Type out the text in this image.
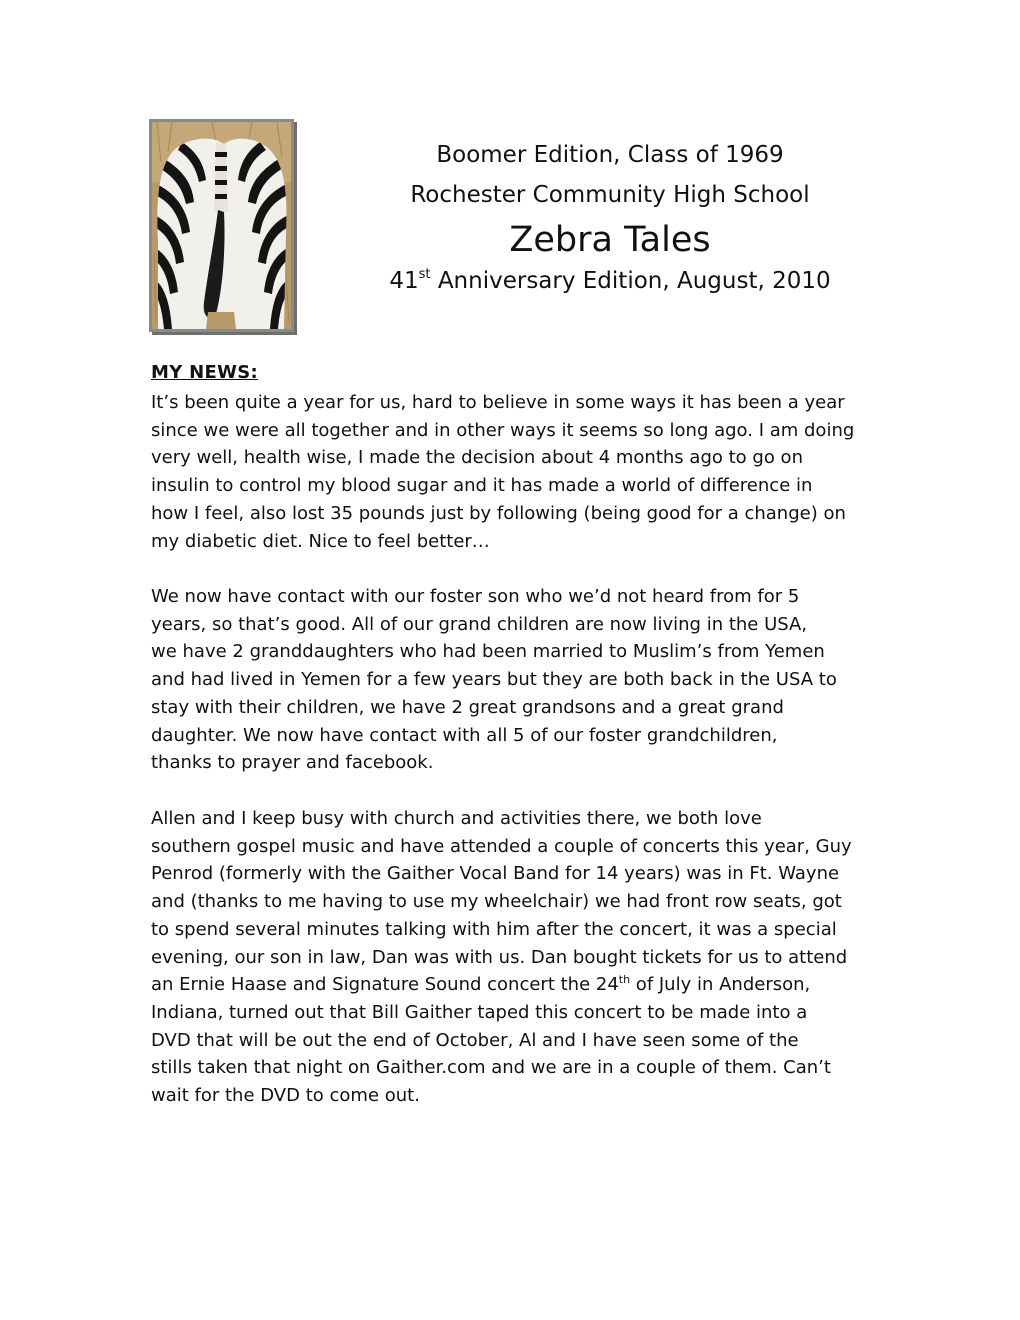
Boomer Edition, Class of 1969
Rochester Community High School
Zebra Tales
41st Anniversary Edition, August, 2010
MY NEWS:
It’s been quite a year for us, hard to believe in some ways it has been a year
since we were all together and in other ways it seems so long ago. I am doing
very well, health wise, I made the decision about 4 months ago to go on
insulin to control my blood sugar and it has made a world of difference in
how I feel, also lost 35 pounds just by following (being good for a change) on
my diabetic diet. Nice to feel better…
We now have contact with our foster son who we’d not heard from for 5
years, so that’s good. All of our grand children are now living in the USA,
we have 2 granddaughters who had been married to Muslim’s from Yemen
and had lived in Yemen for a few years but they are both back in the USA to
stay with their children, we have 2 great grandsons and a great grand
daughter. We now have contact with all 5 of our foster grandchildren,
thanks to prayer and facebook.
Allen and I keep busy with church and activities there, we both love
southern gospel music and have attended a couple of concerts this year, Guy
Penrod (formerly with the Gaither Vocal Band for 14 years) was in Ft. Wayne
and (thanks to me having to use my wheelchair) we had front row seats, got
to spend several minutes talking with him after the concert, it was a special
evening, our son in law, Dan was with us. Dan bought tickets for us to attend
an Ernie Haase and Signature Sound concert the 24th of July in Anderson,
Indiana, turned out that Bill Gaither taped this concert to be made into a
DVD that will be out the end of October, Al and I have seen some of the
stills taken that night on Gaither.com and we are in a couple of them. Can’t
wait for the DVD to come out.
